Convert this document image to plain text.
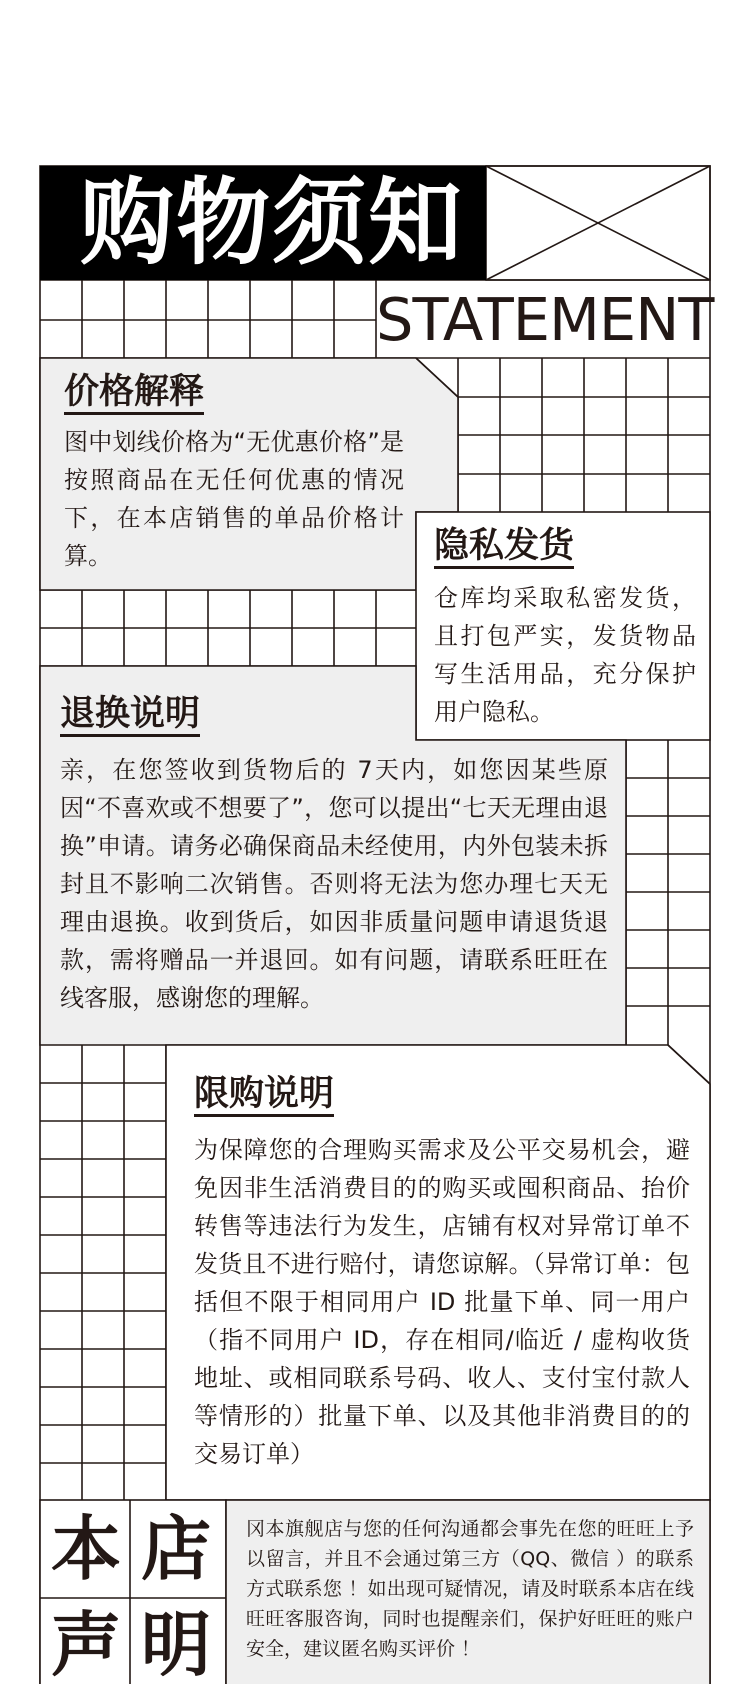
购物须知
STATEMENT
价格解释
图中划线价格为“无优惠价格”是按照商品在无任何优惠的情况下，在本店销售的单品价格计算。	隐私发货
仓库均采取私密发货，且打包严实，发货物品写生活用品，充分保护用户隐私。
退换说明
亲，在您签收到货物后的 7天内，如您因某些原因“不喜欢或不想要了”，您可以提出“七天无理由退换”申请。请务必确保商品未经使用，内外包装未拆封且不影响二次销售。否则将无法为您办理七天无理由退换。收到货后，如因非质量问题申请退货退款，需将赠品一并退回。如有问题，请联系旺旺在线客服，感谢您的理解。
限购说明
为保障您的合理购买需求及公平交易机会，避免因非生活消费目的的购买或囤积商品、抬价转售等违法行为发生，店铺有权对异常订单不发货且不进行赔付，请您谅解。（异常订单：包括但不限于相同用户 ID 批量下单、同一用户（指不同用户 ID，存在相同/临近 / 虚构收货地址、或相同联系号码、收人、支付宝付款人等情形的）批量下单、以及其他非消费目的的交易订单）
本 店
声 明
冈本旗舰店与您的任何沟通都会事先在您的旺旺上予以留言，并且不会通过第三方（QQ、微信 ）的联系方式联系您 ！如出现可疑情况，请及时联系本店在线旺旺客服咨询，同时也提醒亲们，保护好旺旺的账户安全，建议匿名购买评价 ！
